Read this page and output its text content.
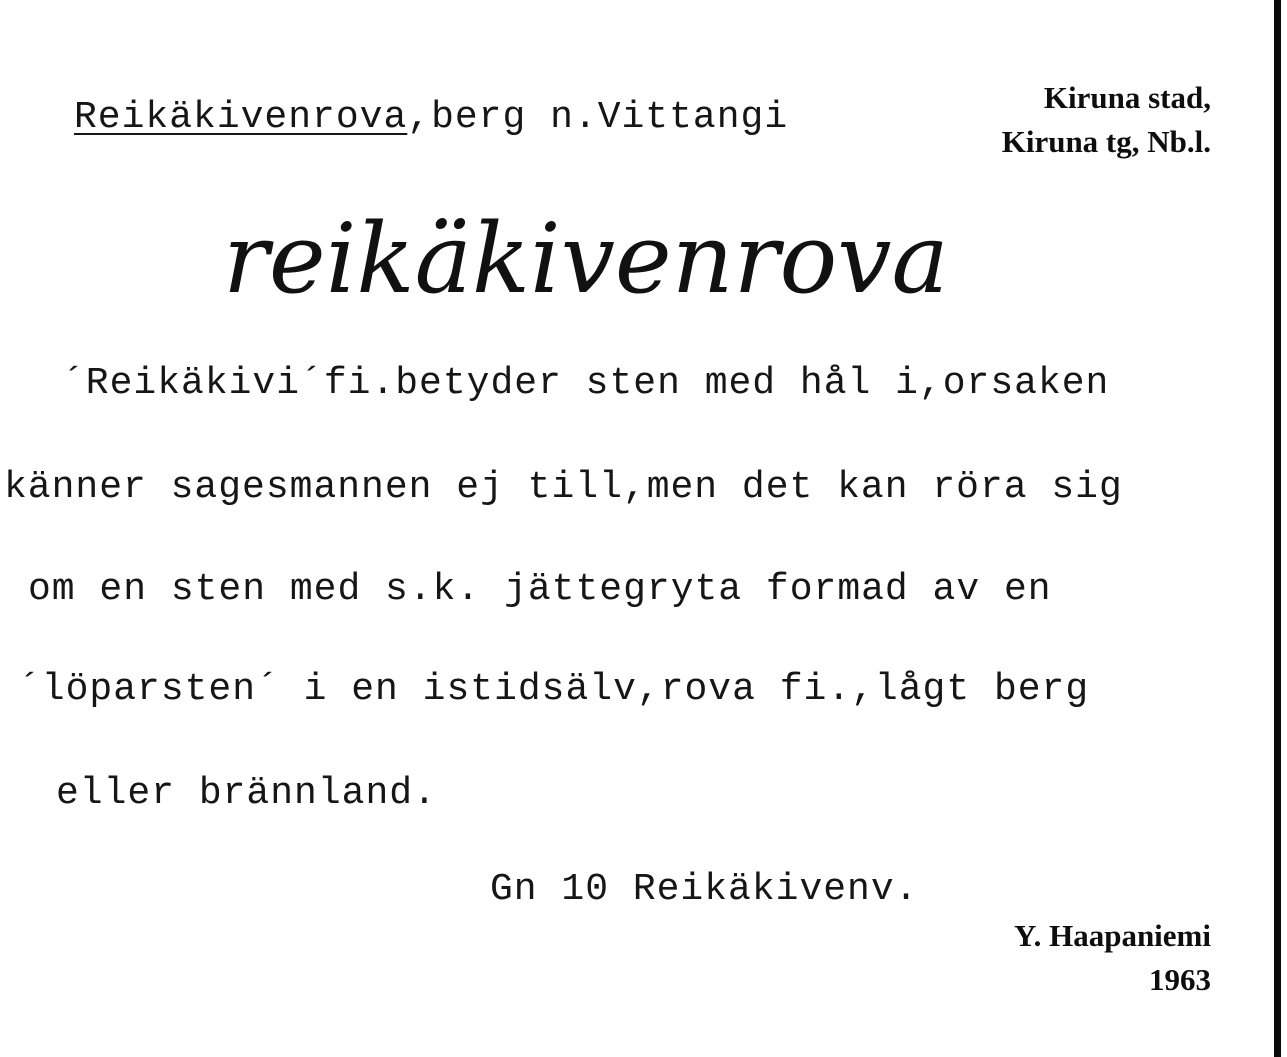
Reikäkivenrova,berg n.Vittangi	Kiruna stad,
Kiruna tg, Nb.l.
reikäkivenrova
´Reikäkivi´fi.betyder sten med hål i,orsaken
känner sagesmannen ej till,men det kan röra sig
om en sten med s.k. jättegryta formad av en
´löparsten´ i en istidsälv,rova fi.,lågt berg
eller brännland.
Gn 10 Reikäkivenv.
Y. Haapaniemi
1963
